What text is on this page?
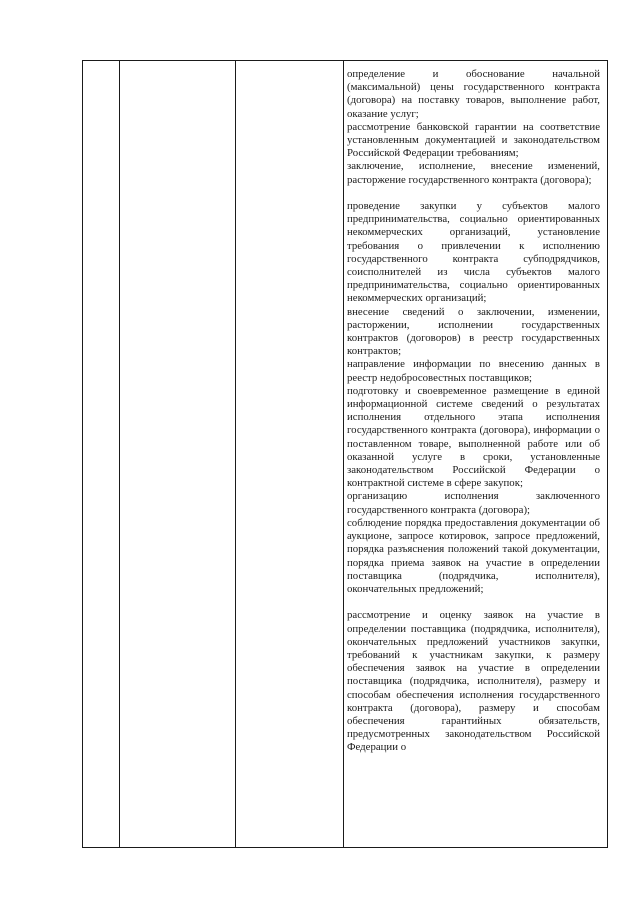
определение и обоснование начальной (максимальной) цены государственного контракта (договора) на поставку товаров, выполнение работ, оказание услуг;

рассмотрение банковской гарантии на соответствие установленным документацией и законодательством Российской Федерации требованиям;

заключение, исполнение, внесение изменений, расторжение государственного контракта (договора);

проведение закупки у субъектов малого предпринимательства, социально ориентированных некоммерческих организаций, установление требования о привлечении к исполнению государственного контракта субподрядчиков, соисполнителей из числа субъектов малого предпринимательства, социально ориентированных некоммерческих организаций;

внесение сведений о заключении, изменении, расторжении, исполнении государственных контрактов (договоров) в реестр государственных контрактов;

направление информации по внесению данных в реестр недобросовестных поставщиков;

подготовку и своевременное размещение в единой информационной системе сведений о результатах исполнения отдельного этапа исполнения государственного контракта (договора), информации о поставленном товаре, выполненной работе или об оказанной услуге в сроки, установленные законодательством Российской Федерации о контрактной системе в сфере закупок;

организацию исполнения заключенного государственного контракта (договора);

соблюдение порядка предоставления документации об аукционе, запросе котировок, запросе предложений, порядка разъяснения положений такой документации, порядка приема заявок на участие в определении поставщика (подрядчика, исполнителя), окончательных предложений;

рассмотрение и оценку заявок на участие в определении поставщика (подрядчика, исполнителя), окончательных предложений участников закупки, требований к участникам закупки, к размеру обеспечения заявок на участие в определении поставщика (подрядчика, исполнителя), размеру и способам обеспечения исполнения государственного контракта (договора), размеру и способам обеспечения гарантийных обязательств, предусмотренных законодательством Российской Федерации о
